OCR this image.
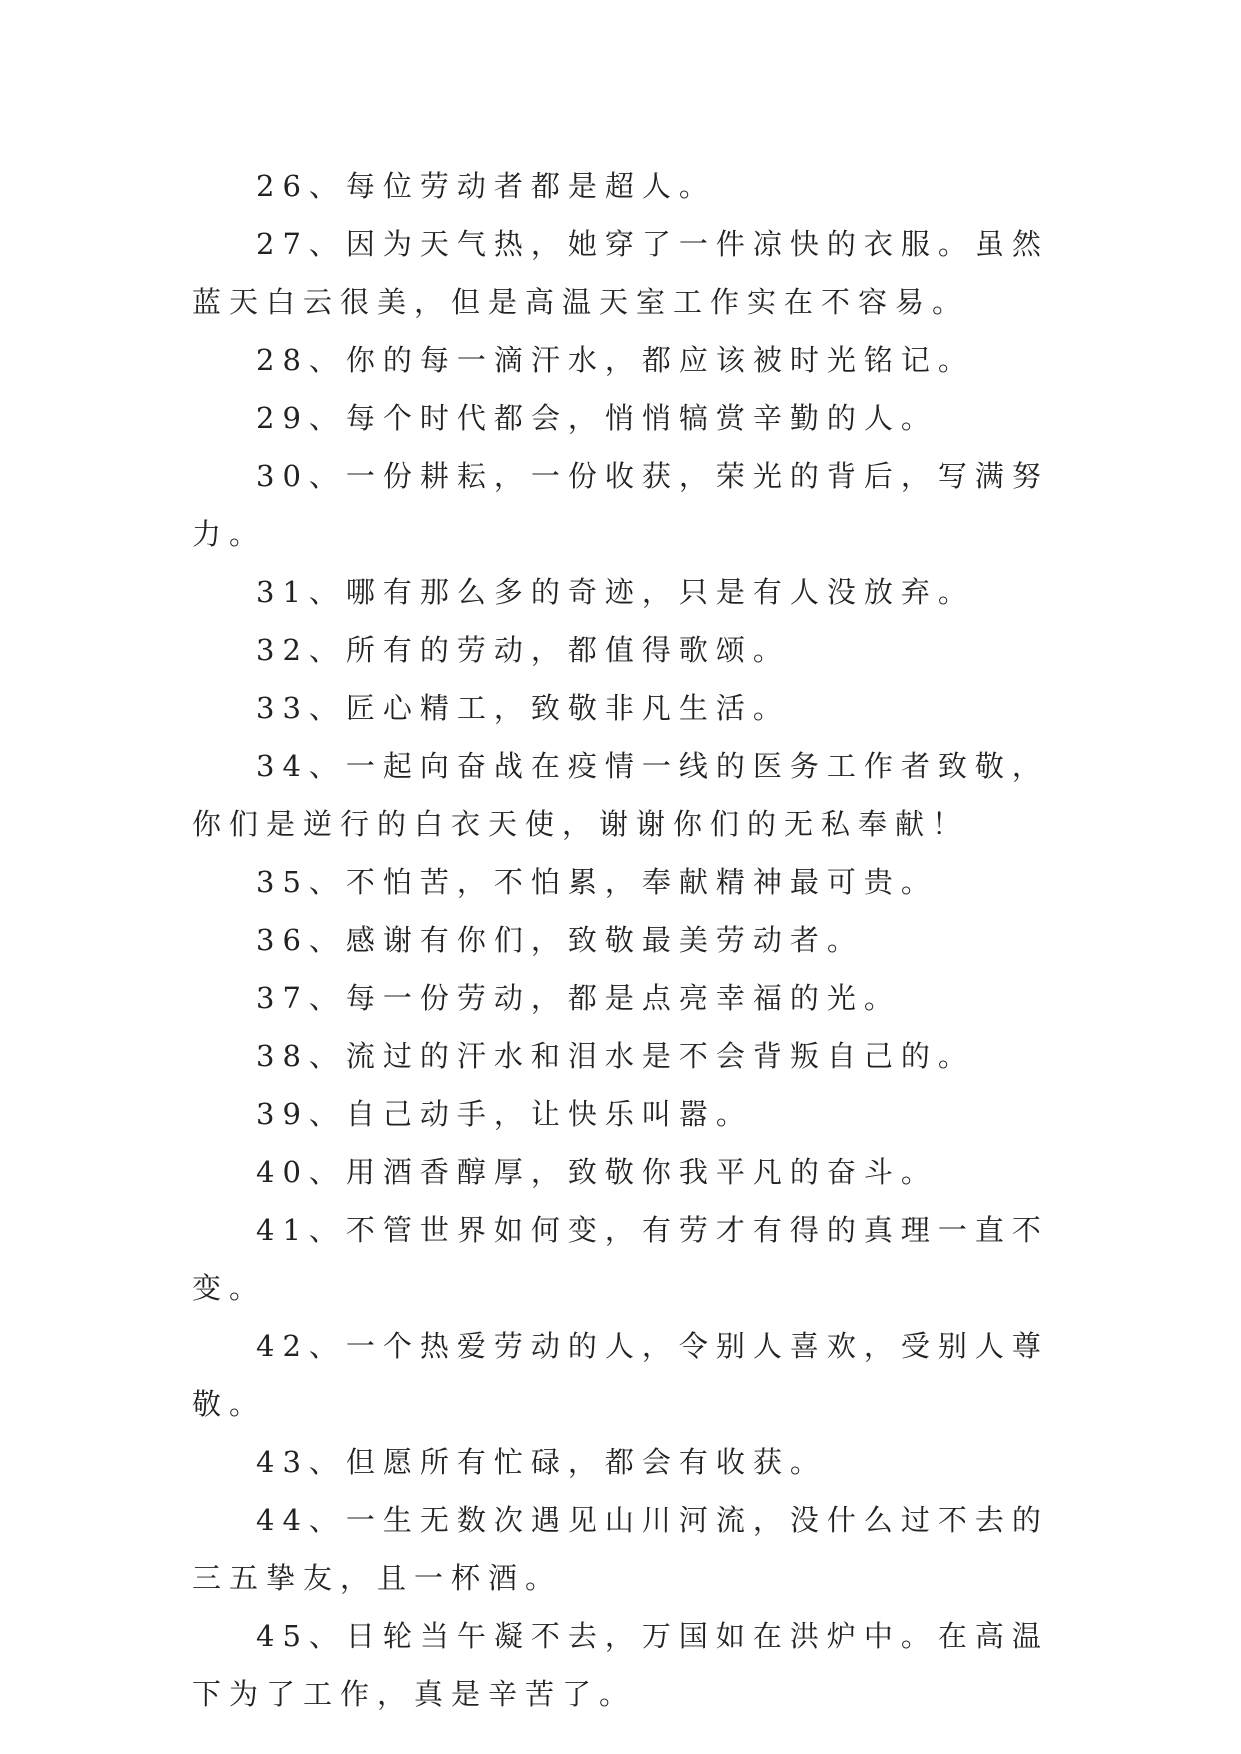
26、每位劳动者都是超人。

27、因为天气热，她穿了一件凉快的衣服。虽然蓝天白云很美，但是高温天室工作实在不容易。

28、你的每一滴汗水，都应该被时光铭记。

29、每个时代都会，悄悄犒赏辛勤的人。

30、一份耕耘，一份收获，荣光的背后，写满努力。

31、哪有那么多的奇迹，只是有人没放弃。

32、所有的劳动，都值得歌颂。

33、匠心精工，致敬非凡生活。

34、一起向奋战在疫情一线的医务工作者致敬，你们是逆行的白衣天使，谢谢你们的无私奉献！

35、不怕苦，不怕累，奉献精神最可贵。

36、感谢有你们，致敬最美劳动者。

37、每一份劳动，都是点亮幸福的光。

38、流过的汗水和泪水是不会背叛自己的。

39、自己动手，让快乐叫嚣。

40、用酒香醇厚，致敬你我平凡的奋斗。

41、不管世界如何变，有劳才有得的真理一直不变。

42、一个热爱劳动的人，令别人喜欢，受别人尊敬。

43、但愿所有忙碌，都会有收获。

44、一生无数次遇见山川河流，没什么过不去的三五挚友，且一杯酒。

45、日轮当午凝不去，万国如在洪炉中。在高温下为了工作，真是辛苦了。
